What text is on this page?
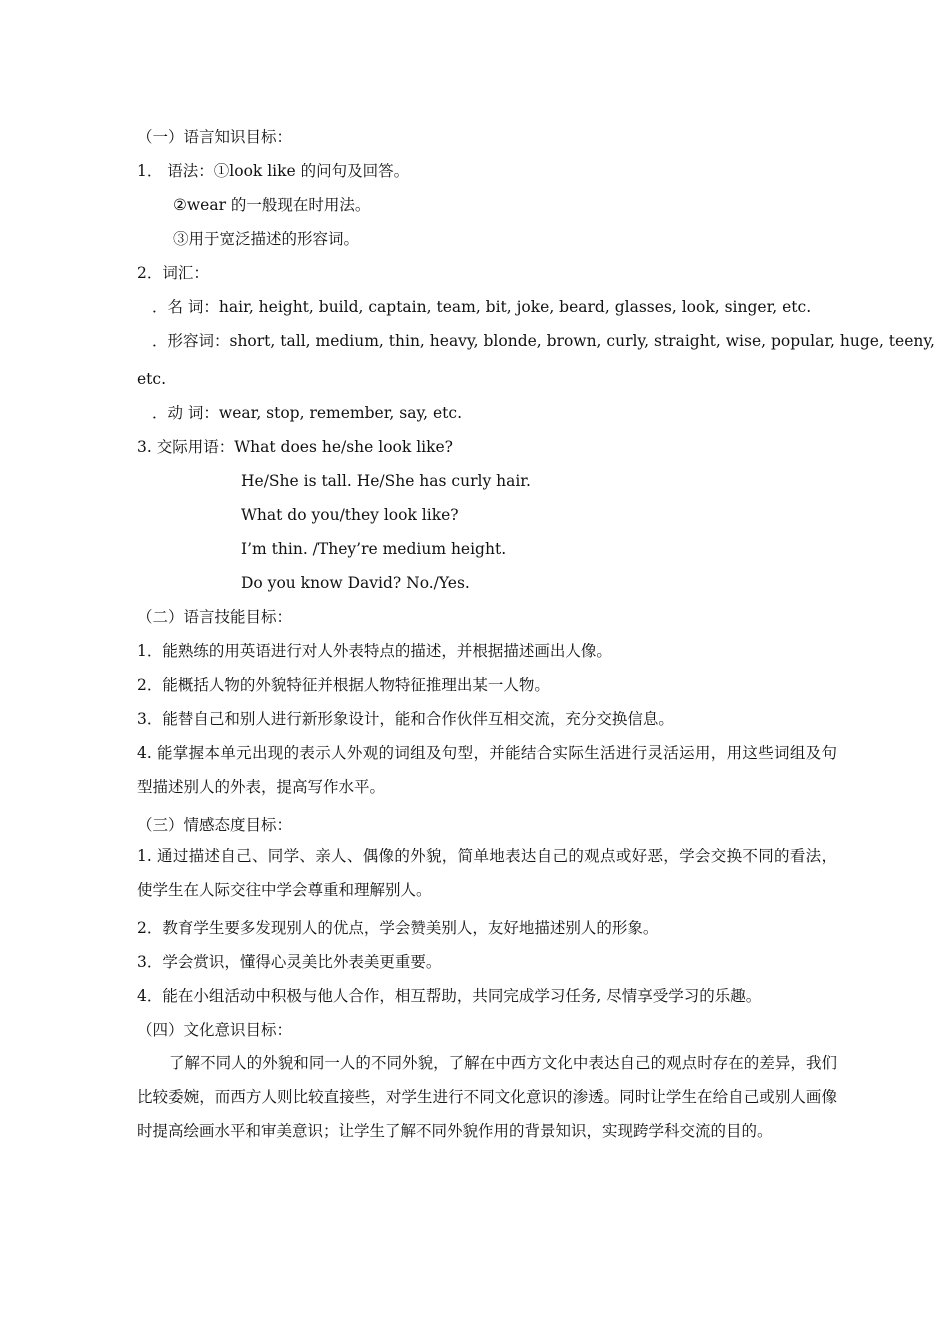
（一）语言知识目标：
1． 语法：①look like 的问句及回答。
②wear 的一般现在时用法。
③用于宽泛描述的形容词。
2．词汇：
．名 词：hair, height, build, captain, team, bit, joke, beard, glasses, look, singer, etc.
．形容词：short, tall, medium, thin, heavy, blonde, brown, curly, straight, wise, popular, huge, teeny,
etc.
．动 词：wear, stop, remember, say, etc.
3. 交际用语：What does he/she look like?
He/She is tall. He/She has curly hair.
What do you/they look like?
I’m thin. /They’re medium height.
Do you know David? No./Yes.
（二）语言技能目标：
1．能熟练的用英语进行对人外表特点的描述，并根据描述画出人像。
2．能概括人物的外貌特征并根据人物特征推理出某一人物。
3．能替自己和别人进行新形象设计，能和合作伙伴互相交流，充分交换信息。
4. 能掌握本单元出现的表示人外观的词组及句型，并能结合实际生活进行灵活运用，用这些词组及句型描述别人的外表，提高写作水平。
（三）情感态度目标：
1. 通过描述自己、同学、亲人、偶像的外貌，简单地表达自己的观点或好恶，学会交换不同的看法，使学生在人际交往中学会尊重和理解别人。
2．教育学生要多发现别人的优点，学会赞美别人，友好地描述别人的形象。
3．学会赏识，懂得心灵美比外表美更重要。
4．能在小组活动中积极与他人合作，相互帮助，共同完成学习任务, 尽情享受学习的乐趣。
（四）文化意识目标：
了解不同人的外貌和同一人的不同外貌，了解在中西方文化中表达自己的观点时存在的差异，我们比较委婉，而西方人则比较直接些，对学生进行不同文化意识的渗透。同时让学生在给自己或别人画像时提高绘画水平和审美意识；让学生了解不同外貌作用的背景知识，实现跨学科交流的目的。
